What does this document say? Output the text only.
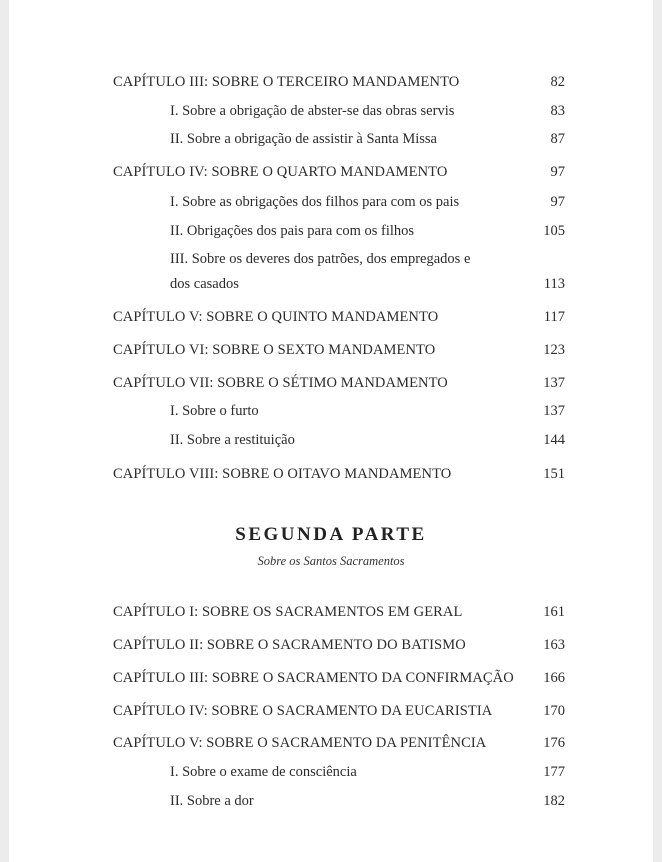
CAPÍTULO III: SOBRE O TERCEIRO MANDAMENTO	82
I. Sobre a obrigação de abster-se das obras servis	83
II. Sobre a obrigação de assistir à Santa Missa	87
CAPÍTULO IV: SOBRE O QUARTO MANDAMENTO	97
I. Sobre as obrigações dos filhos para com os pais	97
II. Obrigações dos pais para com os filhos	105
III. Sobre os deveres dos patrões, dos empregados e
dos casados	113
CAPÍTULO V: SOBRE O QUINTO MANDAMENTO	117
CAPÍTULO VI: SOBRE O SEXTO MANDAMENTO	123
CAPÍTULO VII: SOBRE O SÉTIMO MANDAMENTO	137
I. Sobre o furto	137
II. Sobre a restituição	144
CAPÍTULO VIII: SOBRE O OITAVO MANDAMENTO	151
SEGUNDA PARTE
Sobre os Santos Sacramentos
CAPÍTULO I: SOBRE OS SACRAMENTOS EM GERAL	161
CAPÍTULO II: SOBRE O SACRAMENTO DO BATISMO	163
CAPÍTULO III: SOBRE O SACRAMENTO DA CONFIRMAÇÃO 166
CAPÍTULO IV: SOBRE O SACRAMENTO DA EUCARISTIA	170
CAPÍTULO V: SOBRE O SACRAMENTO DA PENITÊNCIA	176
I. Sobre o exame de consciência	177
II. Sobre a dor	182
